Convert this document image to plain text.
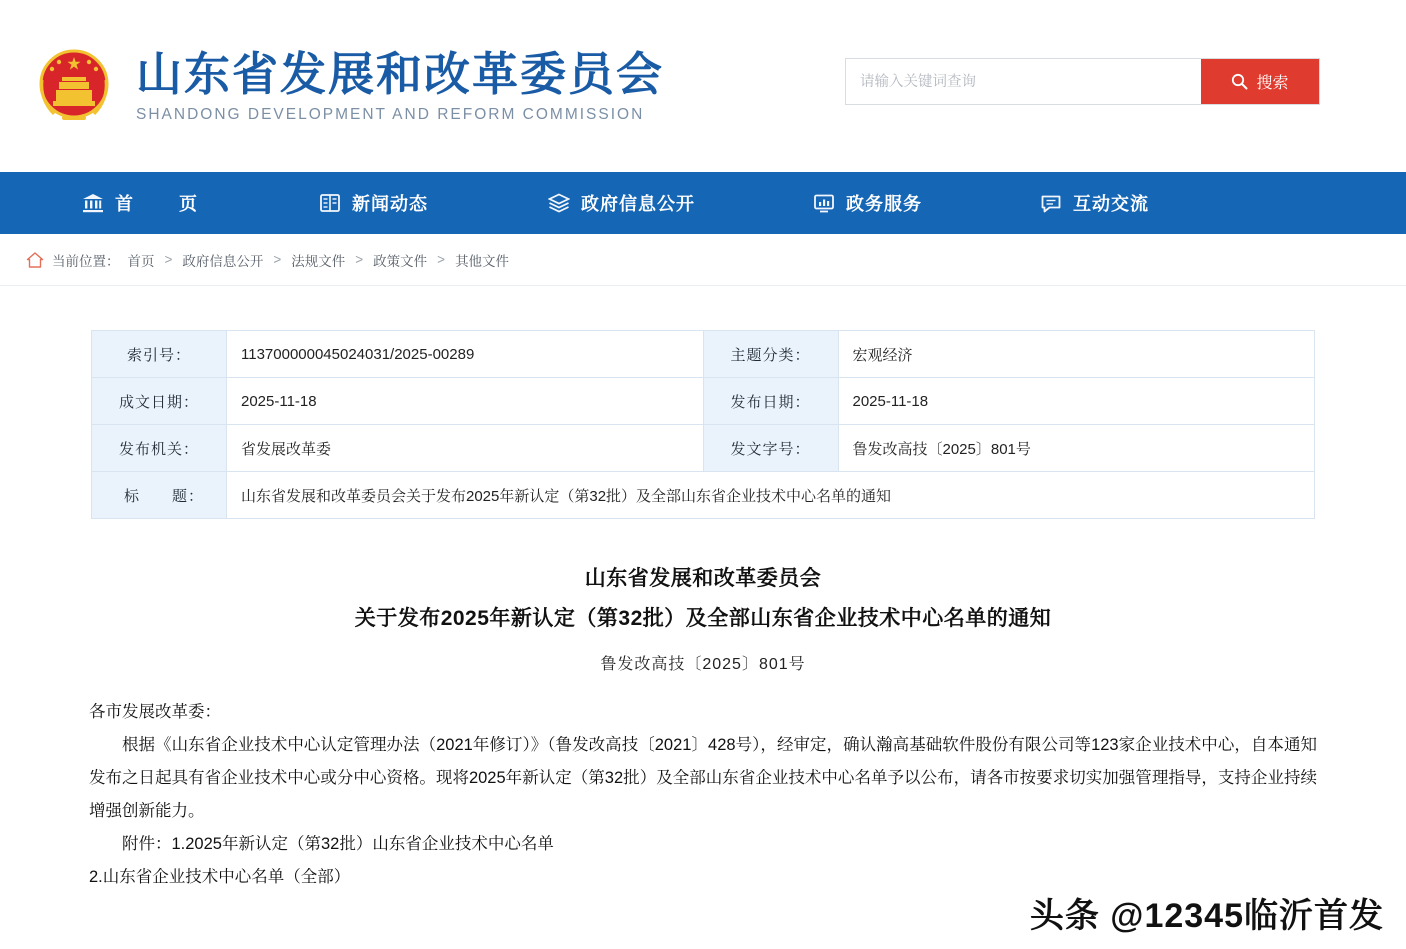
山东省发展和改革委员会
SHANDONG DEVELOPMENT AND REFORM COMMISSION
请输入关键词查询
搜索
首　页	新闻动态	政府信息公开	政务服务	互动交流
当前位置： 首页 > 政府信息公开 > 法规文件 > 政策文件 > 其他文件
索引号：	113700000045024031/2025-00289	主题分类：	宏观经济
成文日期：	2025-11-18	发布日期：	2025-11-18
发布机关：	省发展改革委	发文字号：	鲁发改高技〔2025〕801号
标　　题：	山东省发展和改革委员会关于发布2025年新认定（第32批）及全部山东省企业技术中心名单的通知		
山东省发展和改革委员会
关于发布2025年新认定（第32批）及全部山东省企业技术中心名单的通知
鲁发改高技〔2025〕801号

各市发展改革委：

根据《山东省企业技术中心认定管理办法（2021年修订）》（鲁发改高技〔2021〕428号），经审定，确认瀚高基础软件股份有限公司等123家企业技术中心，自本通知发布之日起具有省企业技术中心或分中心资格。现将2025年新认定（第32批）及全部山东省企业技术中心名单予以公布，请各市按要求切实加强管理指导，支持企业持续增强创新能力。

附件：1.2025年新认定（第32批）山东省企业技术中心名单

2.山东省企业技术中心名单（全部）

头条 @12345临沂首发
